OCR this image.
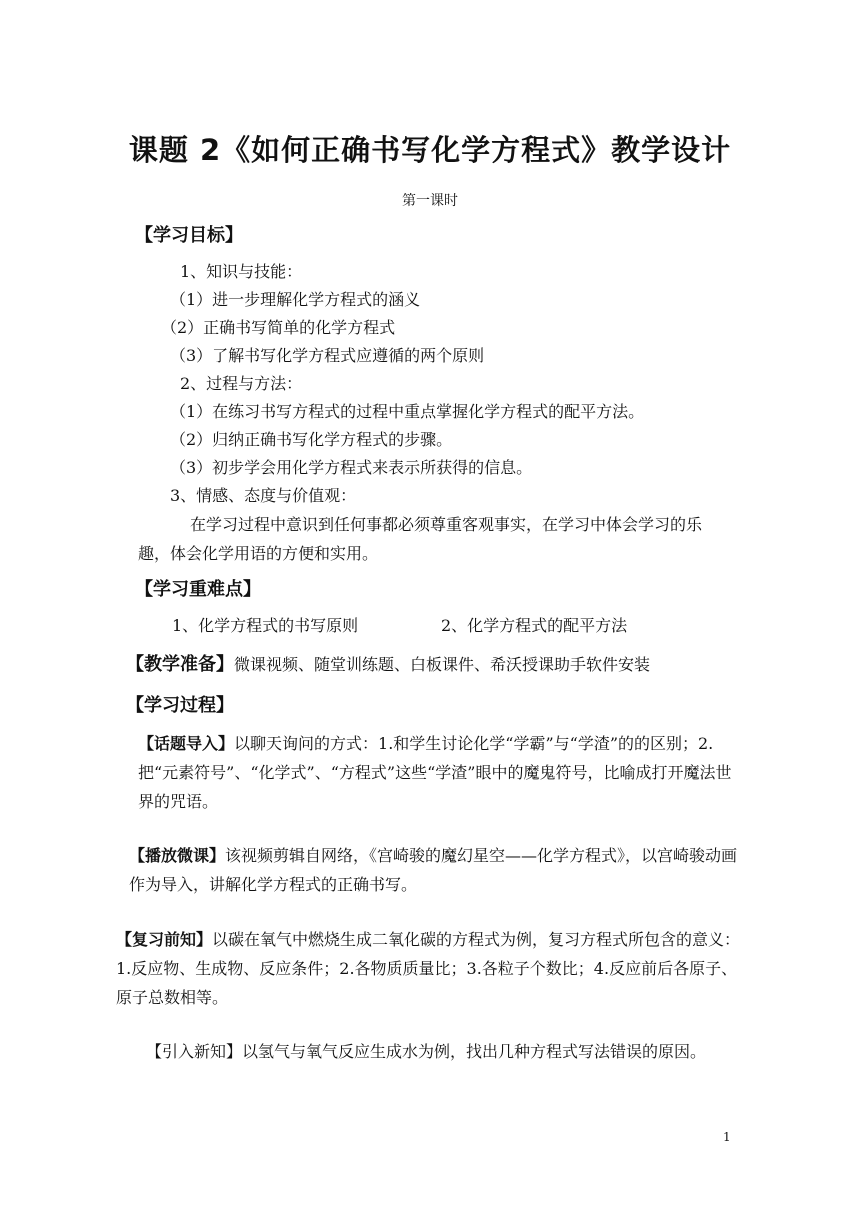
课题 2《如何正确书写化学方程式》教学设计
第一课时
【学习目标】
1、知识与技能：
（1）进一步理解化学方程式的涵义
（2）正确书写简单的化学方程式
（3）了解书写化学方程式应遵循的两个原则
2、过程与方法：
（1）在练习书写方程式的过程中重点掌握化学方程式的配平方法。
（2）归纳正确书写化学方程式的步骤。
（3）初步学会用化学方程式来表示所获得的信息。
3、情感、态度与价值观：
在学习过程中意识到任何事都必须尊重客观事实，在学习中体会学习的乐趣，体会化学用语的方便和实用。
【学习重难点】
1、化学方程式的书写原则	2、化学方程式的配平方法
【教学准备】微课视频、随堂训练题、白板课件、希沃授课助手软件安装
【学习过程】
【话题导入】以聊天询问的方式：1.和学生讨论化学“学霸”与“学渣”的的区别；2.把“元素符号”、“化学式”、“方程式”这些“学渣”眼中的魔鬼符号，比喻成打开魔法世界的咒语。
【播放微课】该视频剪辑自网络，《宫崎骏的魔幻星空——化学方程式》，以宫崎骏动画作为导入，讲解化学方程式的正确书写。
【复习前知】以碳在氧气中燃烧生成二氧化碳的方程式为例，复习方程式所包含的意义：1.反应物、生成物、反应条件；2.各物质质量比；3.各粒子个数比；4.反应前后各原子、原子总数相等。
【引入新知】以氢气与氧气反应生成水为例，找出几种方程式写法错误的原因。
1
